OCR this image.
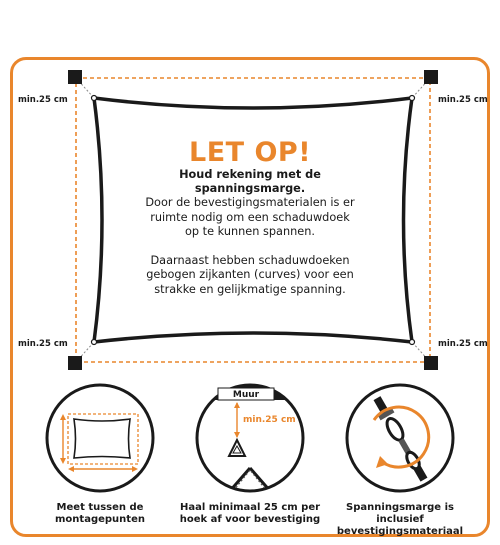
min.25 cm	min.25 cm
min.25 cm	min.25 cm
LET OP!
Houd rekening met de
spanningsmarge.
Door de bevestigingsmaterialen is er
ruimte nodig om een schaduwdoek
op te kunnen spannen.
Daarnaast hebben schaduwdoeken
gebogen zijkanten (curves) voor een
strakke en gelijkmatige spanning.
Muur
min.25 cm
Meet tussen de
montagepunten
Haal minimaal 25 cm per
hoek af voor bevestiging
Spanningsmarge is inclusief
bevestigingsmateriaal
